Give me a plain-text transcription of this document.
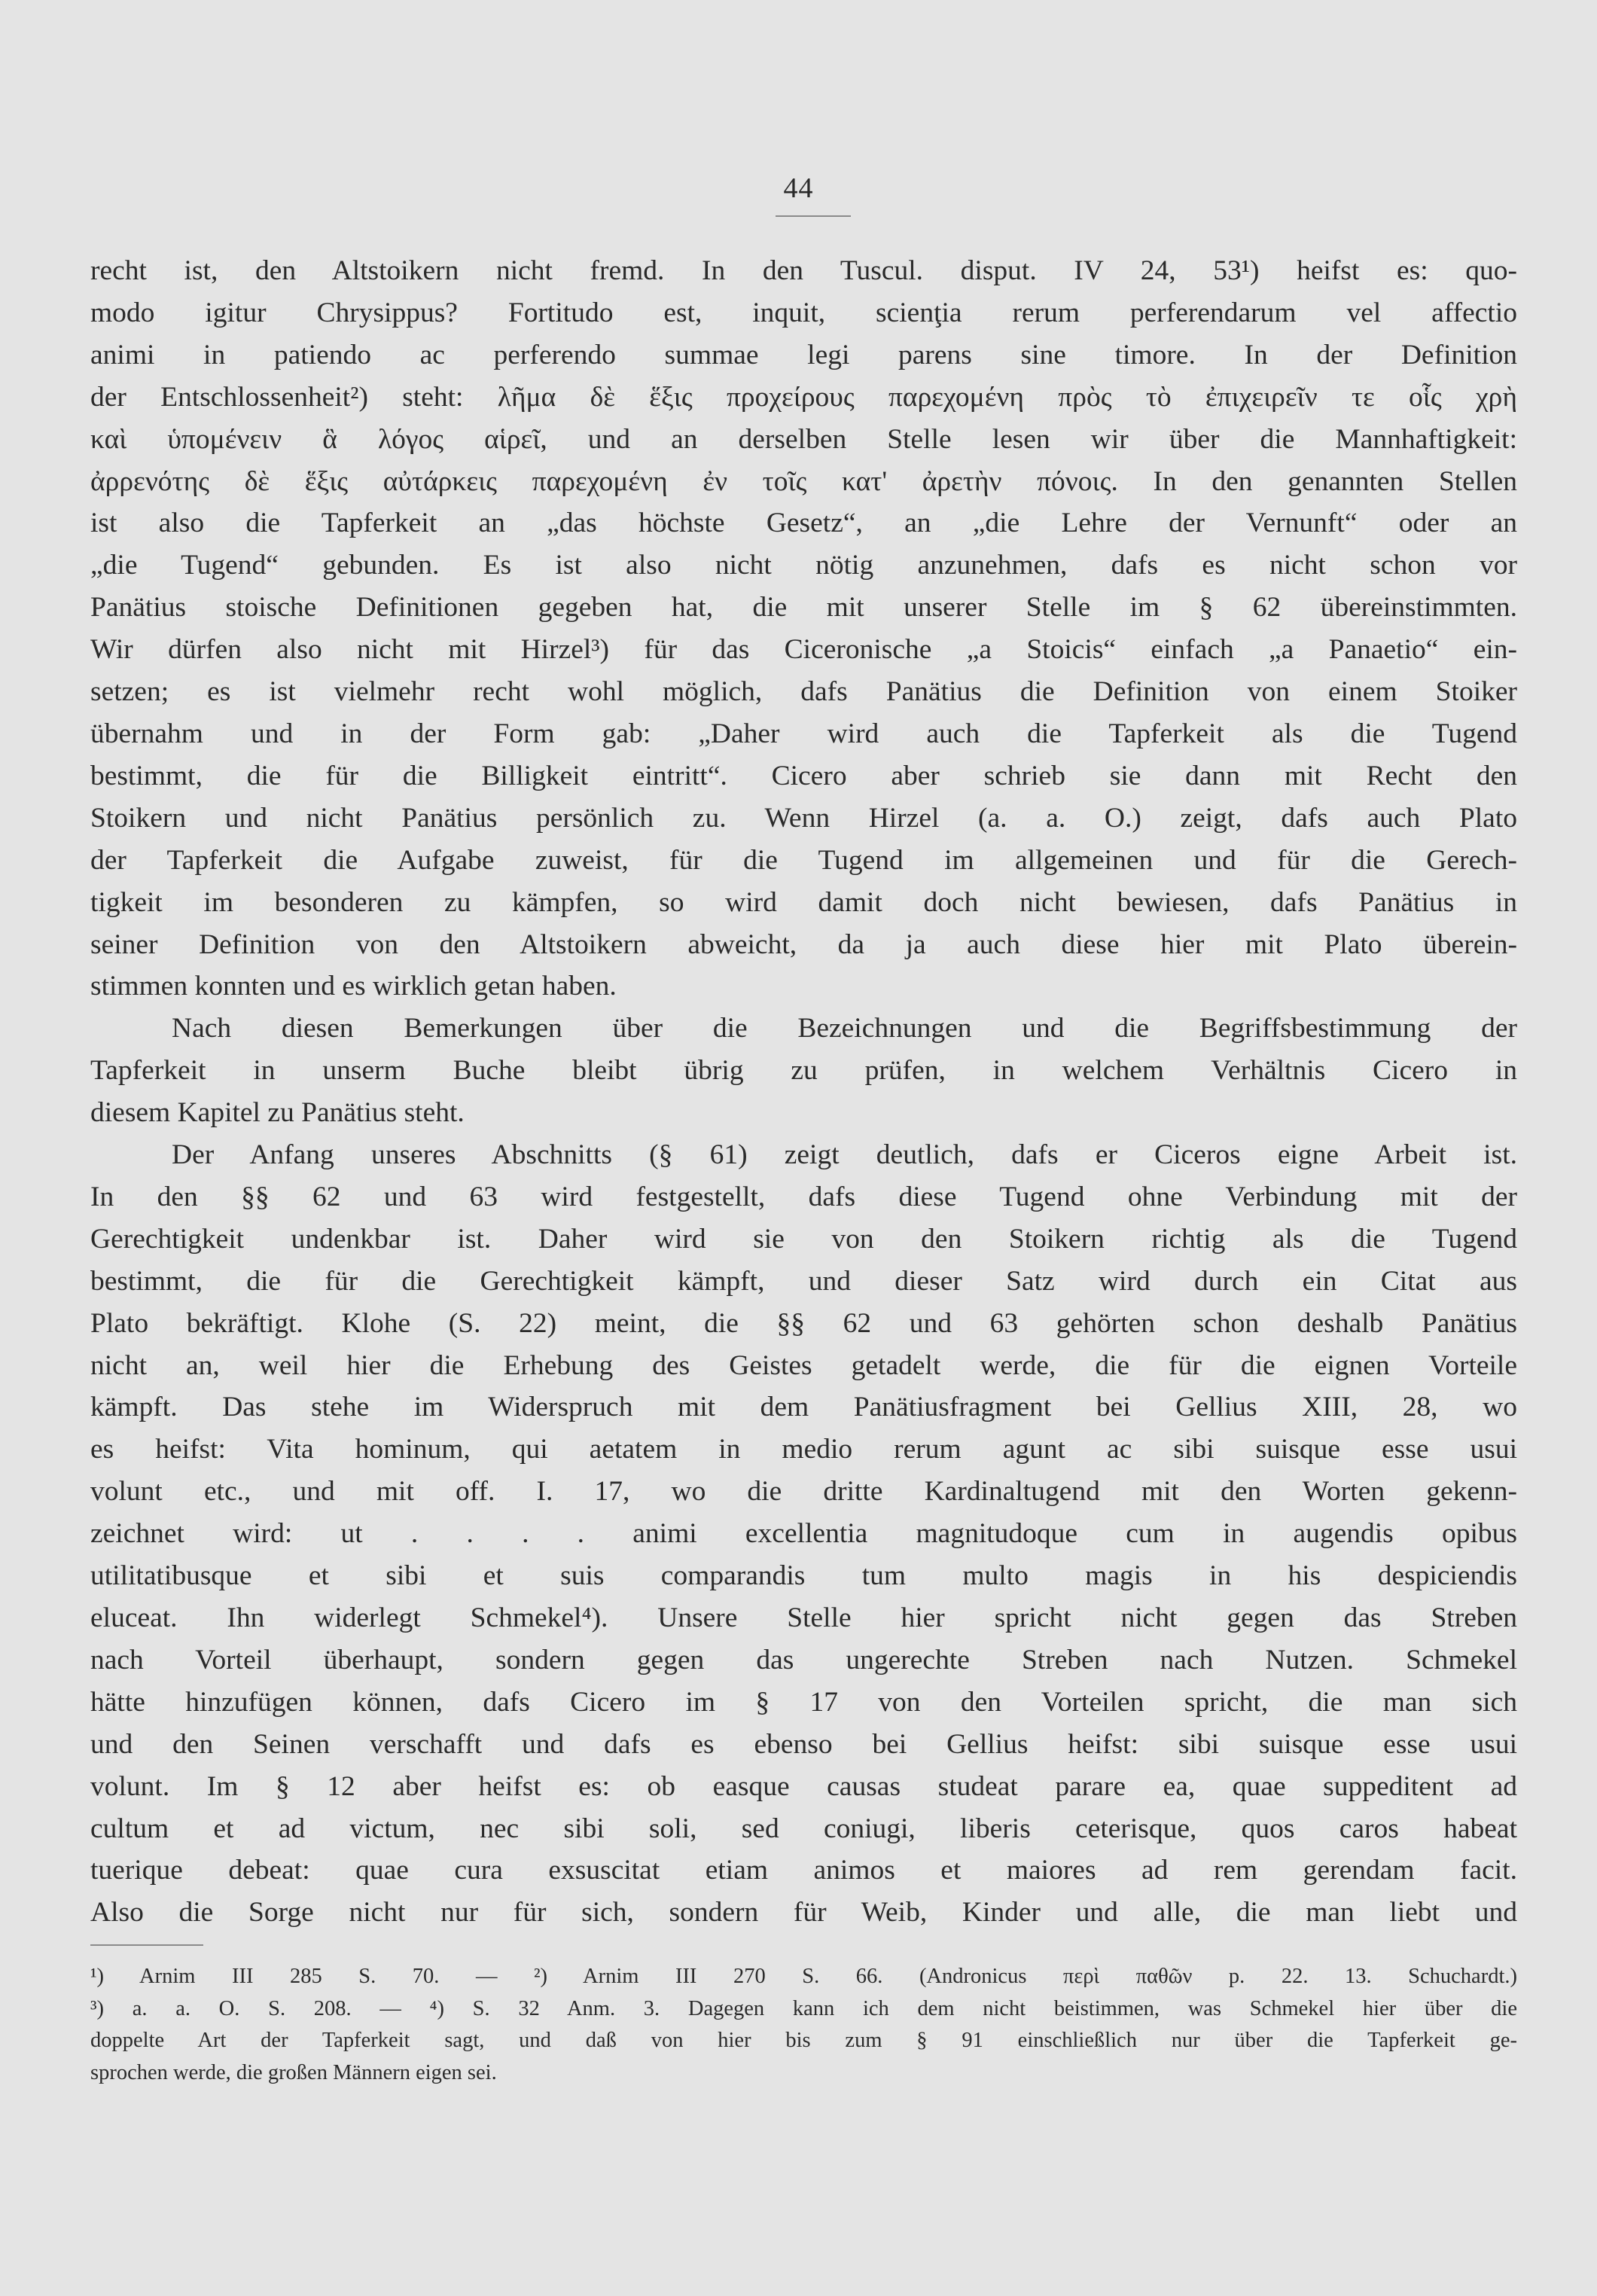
44

recht ist, den Altstoikern nicht fremd. In den Tuscul. disput. IV 24, 53¹) heifst es: quo-

modo igitur Chrysippus? Fortitudo est, inquit, scienţia rerum perferendarum vel affectio

animi in patiendo ac perferendo summae legi parens sine timore. In der Definition

der Entschlossenheit²) steht: λῆμα δὲ ἕξις προχείρους παρεχομένη πρὸς τὸ ἐπιχειρεῖν τε οἷς χρὴ

καὶ ὑπομένειν ἃ λόγος αἱρεῖ, und an derselben Stelle lesen wir über die Mannhaftigkeit:

ἀρρενότης δὲ ἕξις αὐτάρκεις παρεχομένη ἐν τοῖς κατ' ἀρετὴν πόνοις. In den genannten Stellen

ist also die Tapferkeit an „das höchste Gesetz“, an „die Lehre der Vernunft“ oder an

„die Tugend“ gebunden. Es ist also nicht nötig anzunehmen, dafs es nicht schon vor

Panätius stoische Definitionen gegeben hat, die mit unserer Stelle im § 62 übereinstimmten.

Wir dürfen also nicht mit Hirzel³) für das Ciceronische „a Stoicis“ einfach „a Panaetio“ ein-

setzen; es ist vielmehr recht wohl möglich, dafs Panätius die Definition von einem Stoiker

übernahm und in der Form gab: „Daher wird auch die Tapferkeit als die Tugend

bestimmt, die für die Billigkeit eintritt“. Cicero aber schrieb sie dann mit Recht den

Stoikern und nicht Panätius persönlich zu. Wenn Hirzel (a. a. O.) zeigt, dafs auch Plato

der Tapferkeit die Aufgabe zuweist, für die Tugend im allgemeinen und für die Gerech-

tigkeit im besonderen zu kämpfen, so wird damit doch nicht bewiesen, dafs Panätius in

seiner Definition von den Altstoikern abweicht, da ja auch diese hier mit Plato überein-

stimmen konnten und es wirklich getan haben.

Nach diesen Bemerkungen über die Bezeichnungen und die Begriffsbestimmung der

Tapferkeit in unserm Buche bleibt übrig zu prüfen, in welchem Verhältnis Cicero in

diesem Kapitel zu Panätius steht.

Der Anfang unseres Abschnitts (§ 61) zeigt deutlich, dafs er Ciceros eigne Arbeit ist.

In den §§ 62 und 63 wird festgestellt, dafs diese Tugend ohne Verbindung mit der

Gerechtigkeit undenkbar ist. Daher wird sie von den Stoikern richtig als die Tugend

bestimmt, die für die Gerechtigkeit kämpft, und dieser Satz wird durch ein Citat aus

Plato bekräftigt. Klohe (S. 22) meint, die §§ 62 und 63 gehörten schon deshalb Panätius

nicht an, weil hier die Erhebung des Geistes getadelt werde, die für die eignen Vorteile

kämpft. Das stehe im Widerspruch mit dem Panätiusfragment bei Gellius XIII, 28, wo

es heifst: Vita hominum, qui aetatem in medio rerum agunt ac sibi suisque esse usui

volunt etc., und mit off. I. 17, wo die dritte Kardinaltugend mit den Worten gekenn-

zeichnet wird: ut . . . . animi excellentia magnitudoque cum in augendis opibus

utilitatibusque et sibi et suis comparandis tum multo magis in his despiciendis

eluceat. Ihn widerlegt Schmekel⁴). Unsere Stelle hier spricht nicht gegen das Streben

nach Vorteil überhaupt, sondern gegen das ungerechte Streben nach Nutzen. Schmekel

hätte hinzufügen können, dafs Cicero im § 17 von den Vorteilen spricht, die man sich

und den Seinen verschafft und dafs es ebenso bei Gellius heifst: sibi suisque esse usui

volunt. Im § 12 aber heifst es: ob easque causas studeat parare ea, quae suppeditent ad

cultum et ad victum, nec sibi soli, sed coniugi, liberis ceterisque, quos caros habeat

tuerique debeat: quae cura exsuscitat etiam animos et maiores ad rem gerendam facit.

Also die Sorge nicht nur für sich, sondern für Weib, Kinder und alle, die man liebt und

¹) Arnim III 285 S. 70. — ²) Arnim III 270 S. 66. (Andronicus περὶ παθῶν p. 22. 13. Schuchardt.)

³) a. a. O. S. 208. — ⁴) S. 32 Anm. 3. Dagegen kann ich dem nicht beistimmen, was Schmekel hier über die

doppelte Art der Tapferkeit sagt, und daß von hier bis zum § 91 einschließlich nur über die Tapferkeit ge-

sprochen werde, die großen Männern eigen sei.
